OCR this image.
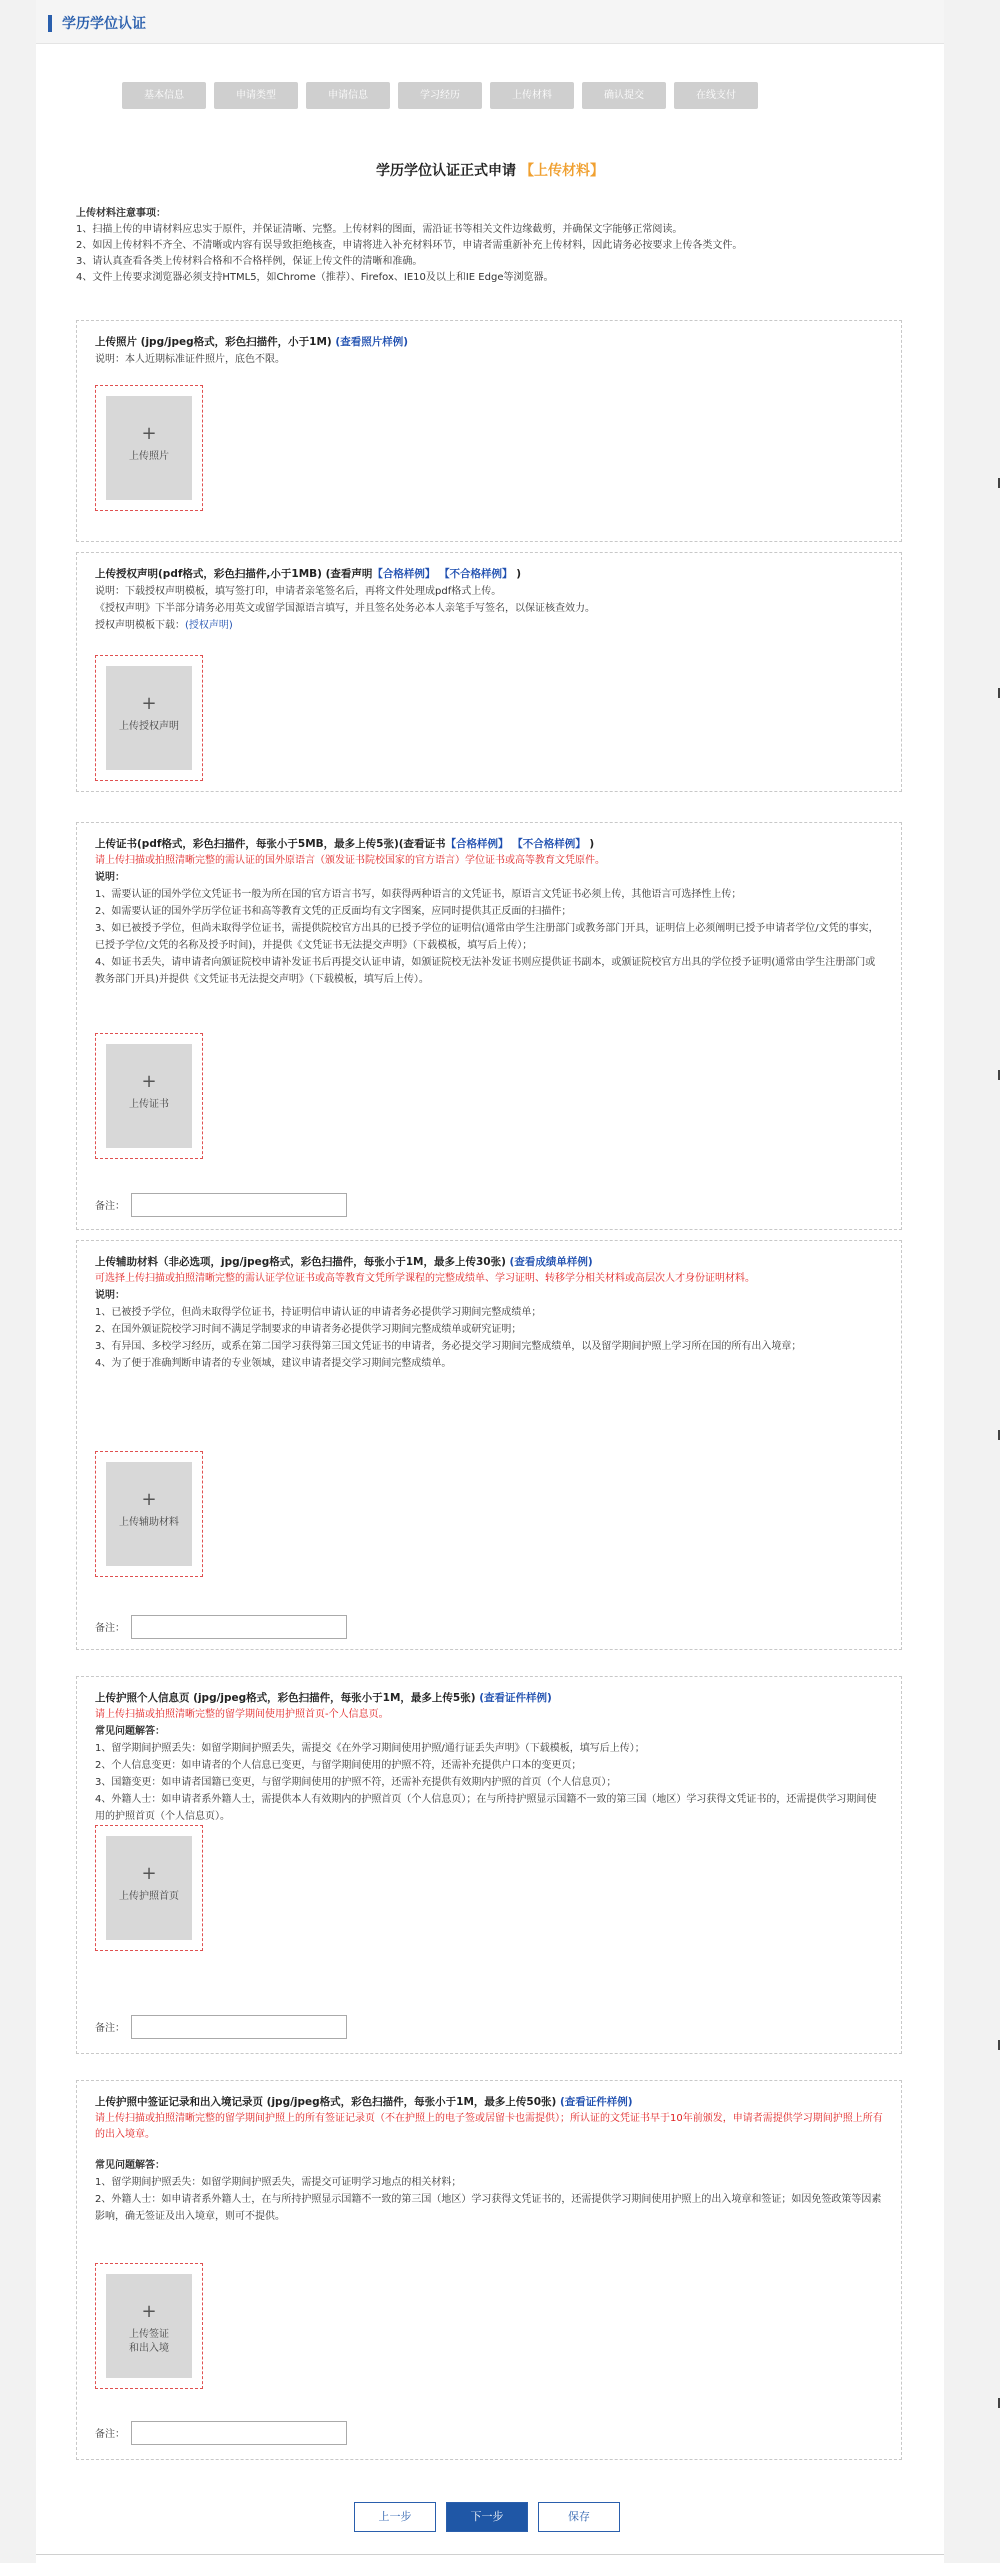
学历学位认证
基本信息	申请类型	申请信息	学习经历	上传材料	确认提交	在线支付
学历学位认证正式申请 【上传材料】
上传材料注意事项：
1、扫描上传的申请材料应忠实于原件，并保证清晰、完整。上传材料的图面，需沿证书等相关文件边缘截剪，并确保文字能够正常阅读。
2、如因上传材料不齐全、不清晰或内容有误导致拒绝核查，申请将进入补充材料环节，申请者需重新补充上传材料，因此请务必按要求上传各类文件。
3、请认真查看各类上传材料合格和不合格样例，保证上传文件的清晰和准确。
4、文件上传要求浏览器必须支持HTML5，如Chrome（推荐）、Firefox、IE10及以上和IE Edge等浏览器。
上传照片 (jpg/jpeg格式，彩色扫描件，小于1M) (查看照片样例)
说明：本人近期标准证件照片，底色不限。
+
上传照片
上传授权声明(pdf格式，彩色扫描件,小于1MB) (查看声明【合格样例】 【不合格样例】 )
说明：下载授权声明模板，填写签打印，申请者亲笔签名后，再将文件处理成pdf格式上传。
《授权声明》下半部分请务必用英文或留学国源语言填写，并且签名处务必本人亲笔手写签名，以保证核查效力。
授权声明模板下载：(授权声明)
+
上传授权声明
上传证书(pdf格式，彩色扫描件，每张小于5MB，最多上传5张)(查看证书【合格样例】 【不合格样例】 )
请上传扫描或拍照清晰完整的需认证的国外原语言（颁发证书院校国家的官方语言）学位证书或高等教育文凭原件。
说明：
1、需要认证的国外学位文凭证书一般为所在国的官方语言书写，如获得两种语言的文凭证书，原语言文凭证书必须上传，其他语言可选择性上传；
2、如需要认证的国外学历学位证书和高等教育文凭的正反面均有文字图案，应同时提供其正反面的扫描件；
3、如已被授予学位，但尚未取得学位证书，需提供院校官方出具的已授予学位的证明信(通常由学生注册部门或教务部门开具，证明信上必须阐明已授予申请者学位/文凭的事实，已授予学位/文凭的名称及授予时间)，并提供《文凭证书无法提交声明》（下载模板，填写后上传）；
4、如证书丢失，请申请者向颁证院校申请补发证书后再提交认证申请，如颁证院校无法补发证书则应提供证书副本，或颁证院校官方出具的学位授予证明(通常由学生注册部门或教务部门开具)并提供《文凭证书无法提交声明》（下载模板，填写后上传）。
+
上传证书
备注：
上传辅助材料（非必选项，jpg/jpeg格式，彩色扫描件，每张小于1M，最多上传30张) (查看成绩单样例)
可选择上传扫描或拍照清晰完整的需认证学位证书或高等教育文凭所学课程的完整成绩单、学习证明、转移学分相关材料或高层次人才身份证明材料。
说明：
1、已被授予学位，但尚未取得学位证书，持证明信申请认证的申请者务必提供学习期间完整成绩单；
2、在国外颁证院校学习时间不满足学制要求的申请者务必提供学习期间完整成绩单或研究证明；
3、有异国、多校学习经历，或系在第二国学习获得第三国文凭证书的申请者，务必提交学习期间完整成绩单，以及留学期间护照上学习所在国的所有出入境章；
4、为了便于准确判断申请者的专业领域，建议申请者提交学习期间完整成绩单。
+
上传辅助材料
备注：
上传护照个人信息页 (jpg/jpeg格式，彩色扫描件，每张小于1M，最多上传5张) (查看证件样例)
请上传扫描或拍照清晰完整的留学期间使用护照首页-个人信息页。
常见问题解答：
1、留学期间护照丢失：如留学期间护照丢失，需提交《在外学习期间使用护照/通行证丢失声明》（下载模板，填写后上传）；
2、个人信息变更：如申请者的个人信息已变更，与留学期间使用的护照不符，还需补充提供户口本的变更页；
3、国籍变更：如申请者国籍已变更，与留学期间使用的护照不符，还需补充提供有效期内护照的首页（个人信息页）；
4、外籍人士：如申请者系外籍人士，需提供本人有效期内的护照首页（个人信息页）；在与所持护照显示国籍不一致的第三国（地区）学习获得文凭证书的，还需提供学习期间使用的护照首页（个人信息页）。
+
上传护照首页
备注：
上传护照中签证记录和出入境记录页 (jpg/jpeg格式，彩色扫描件，每张小于1M，最多上传50张) (查看证件样例)
请上传扫描或拍照清晰完整的留学期间护照上的所有签证记录页（不在护照上的电子签或居留卡也需提供）；所认证的文凭证书早于10年前颁发，申请者需提供学习期间护照上所有的出入境章。
常见问题解答：
1、留学期间护照丢失：如留学期间护照丢失，需提交可证明学习地点的相关材料；
2、外籍人士：如申请者系外籍人士，在与所持护照显示国籍不一致的第三国（地区）学习获得文凭证书的，还需提供学习期间使用护照上的出入境章和签证；如因免签政策等因素影响，确无签证及出入境章，则可不提供。
+
上传签证
和出入境
备注：
上一步	下一步	保存
